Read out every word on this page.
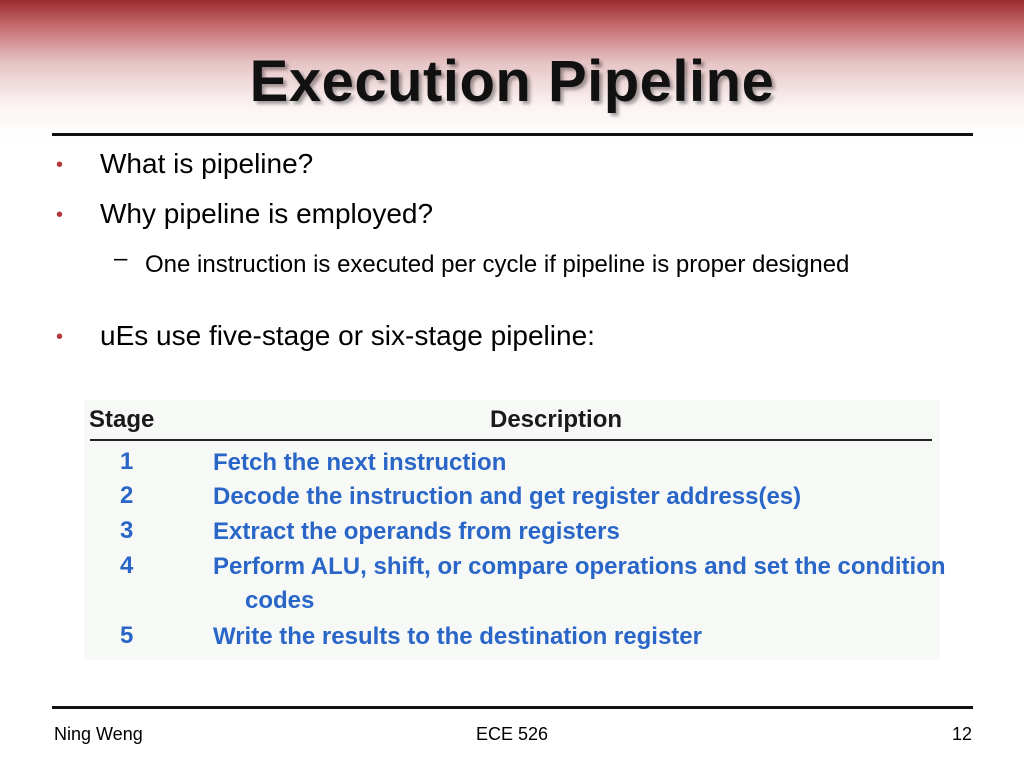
Execution Pipeline
• What is pipeline?
• Why pipeline is employed?
– One instruction is executed per cycle if pipeline is proper designed
• uEs use five-stage or six-stage pipeline:
Stage	Description
1	Fetch the next instruction
2	Decode the instruction and get register address(es)
3	Extract the operands from registers
4	Perform ALU, shift, or compare operations and set the condition codes
5	Write the results to the destination register
Ning Weng	ECE 526	12
